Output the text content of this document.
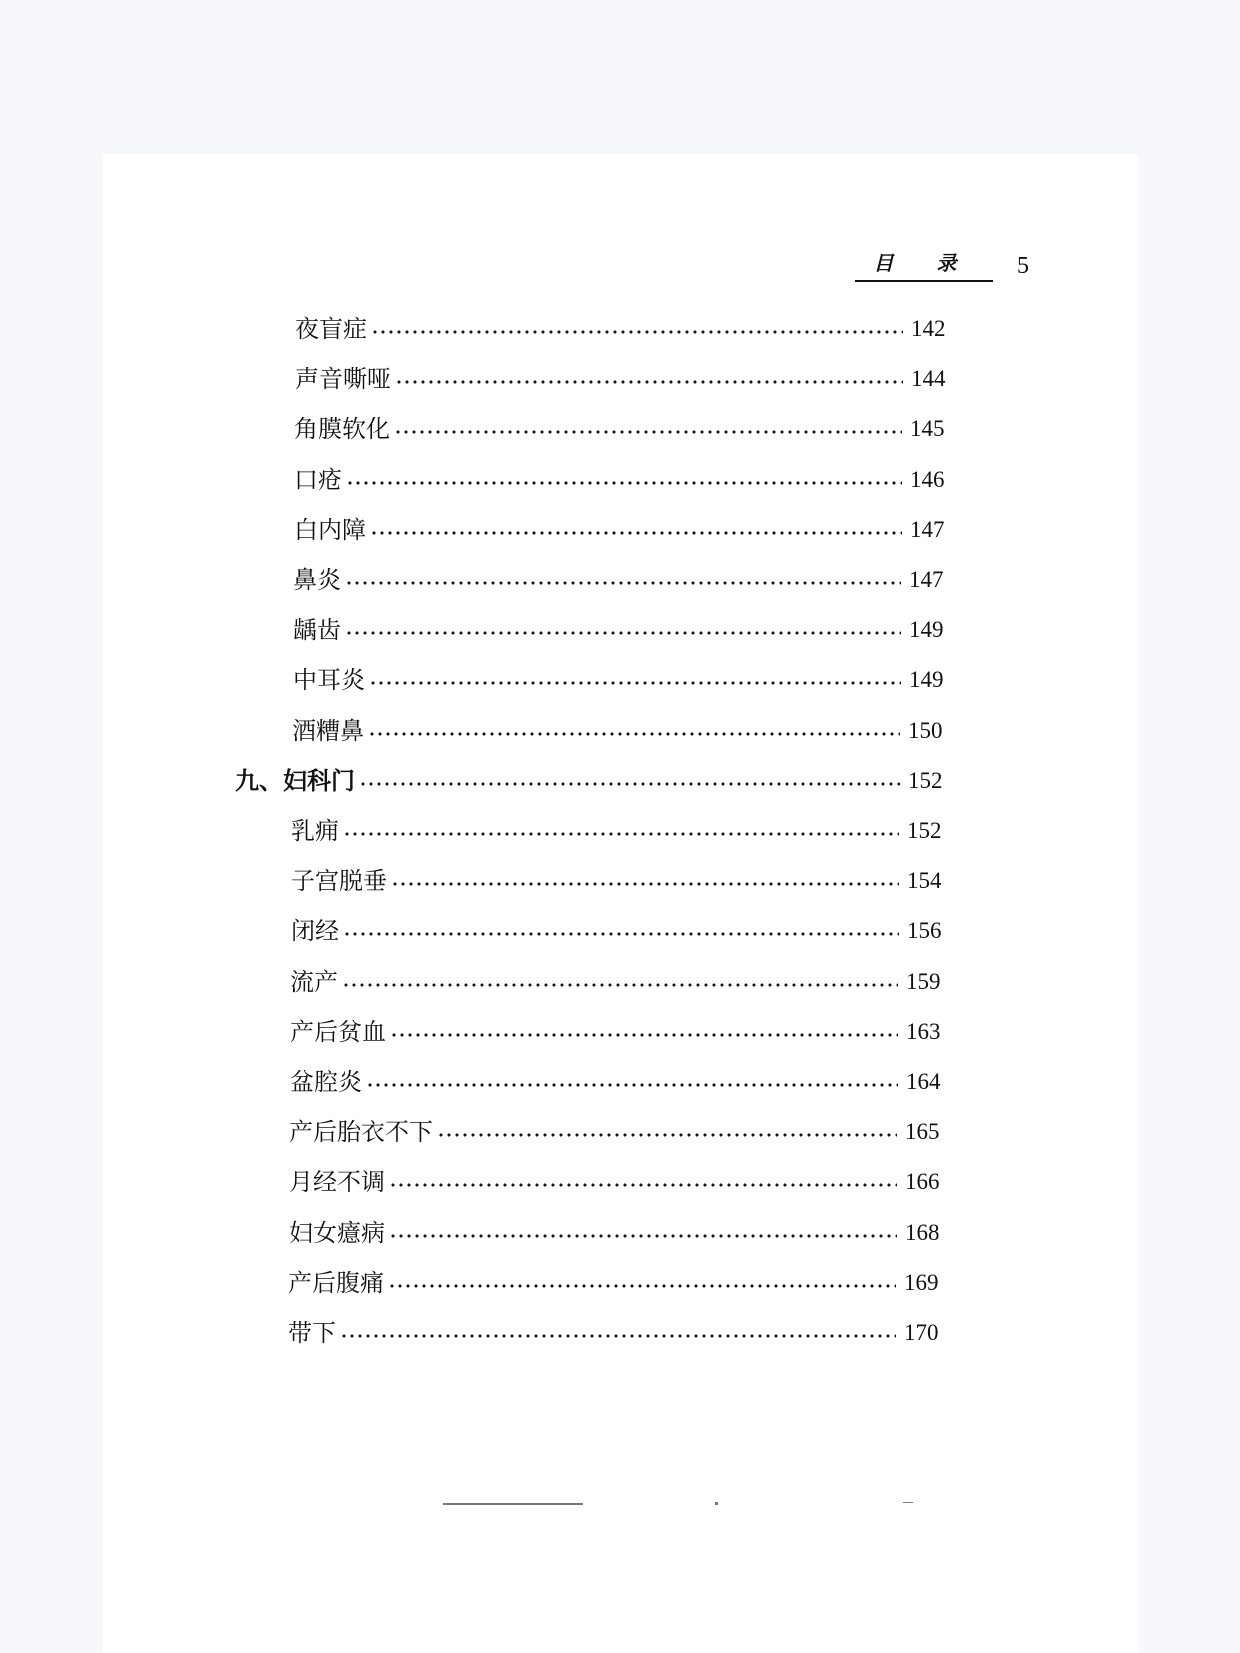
目 录	5
夜盲症	142
声音嘶哑	144
角膜软化	145
口疮	146
白内障	147
鼻炎	147
龋齿	149
中耳炎	149
酒糟鼻	150
九、妇科门	152
乳痈	152
子宫脱垂	154
闭经	156
流产	159
产后贫血	163
盆腔炎	164
产后胎衣不下	165
月经不调	166
妇女癔病	168
产后腹痛	169
带下	170
